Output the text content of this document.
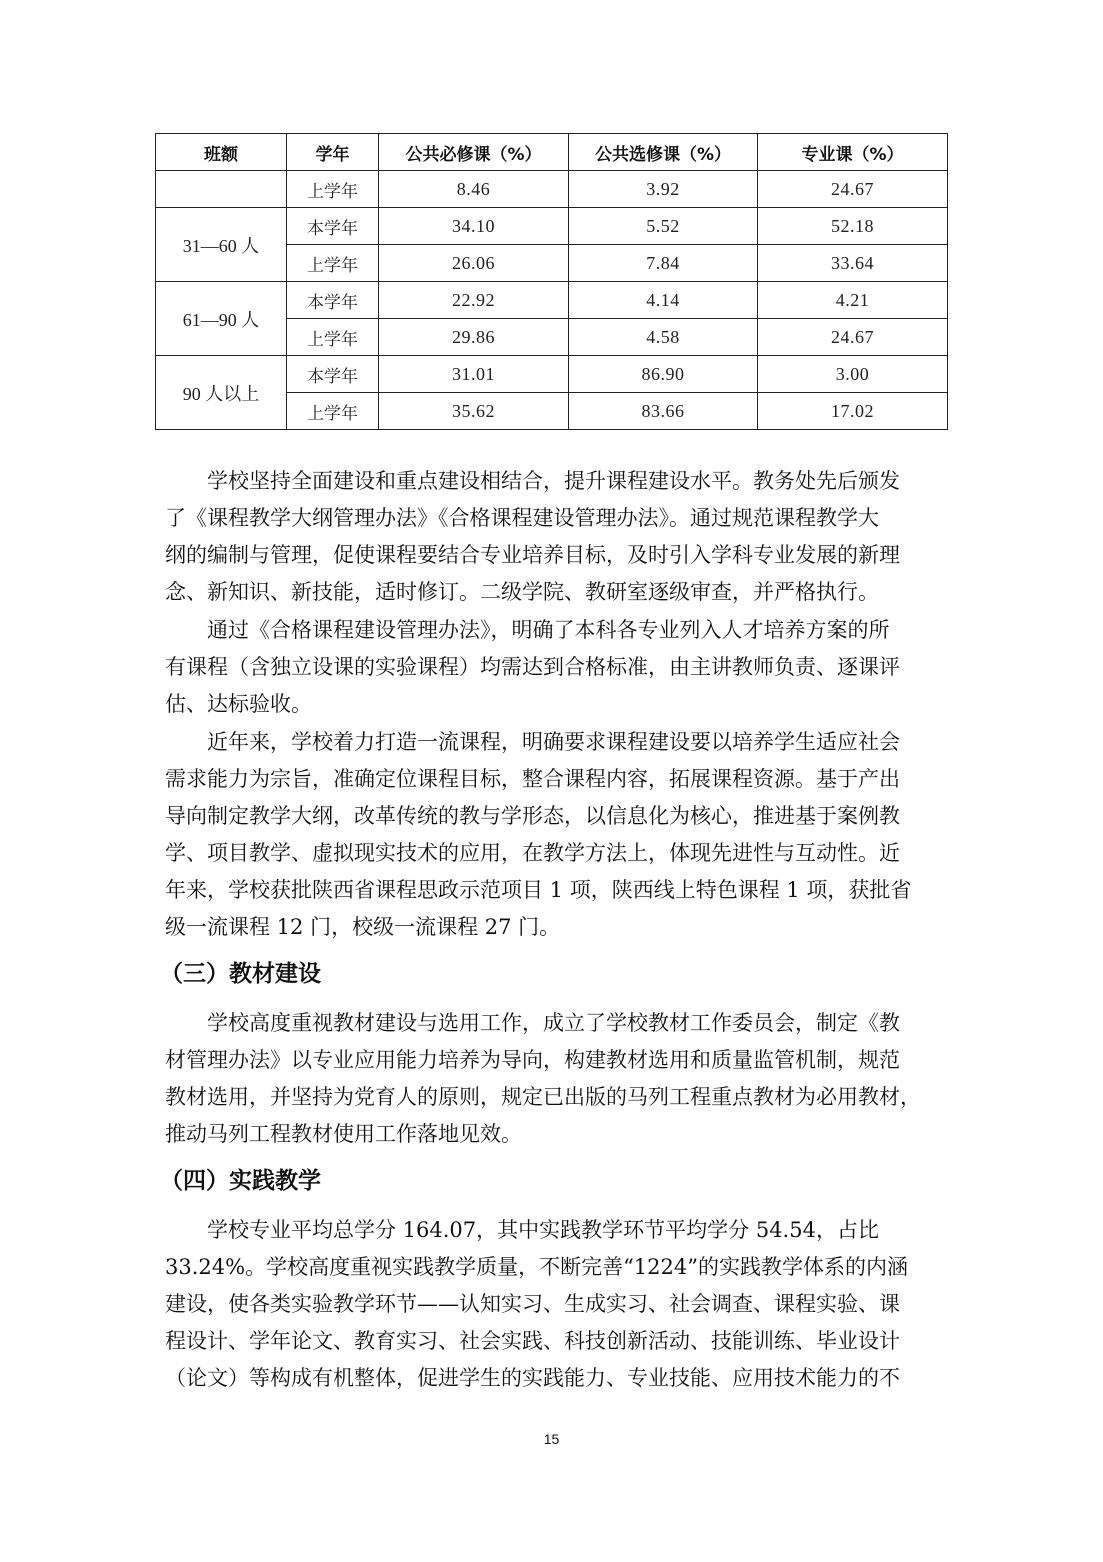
班额	学年	公共必修课（%）	公共选修课（%）	专业课（%）
	上学年	8.46	3.92	24.67
31—60 人	本学年	34.10	5.52	52.18
	上学年	26.06	7.84	33.64
61—90 人	本学年	22.92	4.14	4.21
	上学年	29.86	4.58	24.67
90 人以上	本学年	31.01	86.90	3.00
	上学年	35.62	83.66	17.02
　　学校坚持全面建设和重点建设相结合，提升课程建设水平。教务处先后颁发
了《课程教学大纲管理办法》《合格课程建设管理办法》。通过规范课程教学大
纲的编制与管理，促使课程要结合专业培养目标，及时引入学科专业发展的新理
念、新知识、新技能，适时修订。二级学院、教研室逐级审查，并严格执行。
　　通过《合格课程建设管理办法》，明确了本科各专业列入人才培养方案的所
有课程（含独立设课的实验课程）均需达到合格标准，由主讲教师负责、逐课评
估、达标验收。
　　近年来，学校着力打造一流课程，明确要求课程建设要以培养学生适应社会
需求能力为宗旨，准确定位课程目标，整合课程内容，拓展课程资源。基于产出
导向制定教学大纲，改革传统的教与学形态，以信息化为核心，推进基于案例教
学、项目教学、虚拟现实技术的应用，在教学方法上，体现先进性与互动性。近
年来，学校获批陕西省课程思政示范项目 1 项，陕西线上特色课程 1 项，获批省
级一流课程 12 门，校级一流课程 27 门。
（三）教材建设
　　学校高度重视教材建设与选用工作，成立了学校教材工作委员会，制定《教
材管理办法》以专业应用能力培养为导向，构建教材选用和质量监管机制，规范
教材选用，并坚持为党育人的原则，规定已出版的马列工程重点教材为必用教材，
推动马列工程教材使用工作落地见效。
（四）实践教学
　　学校专业平均总学分 164.07，其中实践教学环节平均学分 54.54，占比
33.24%。学校高度重视实践教学质量，不断完善“1224”的实践教学体系的内涵
建设，使各类实验教学环节——认知实习、生成实习、社会调查、课程实验、课
程设计、学年论文、教育实习、社会实践、科技创新活动、技能训练、毕业设计
（论文）等构成有机整体，促进学生的实践能力、专业技能、应用技术能力的不
15
